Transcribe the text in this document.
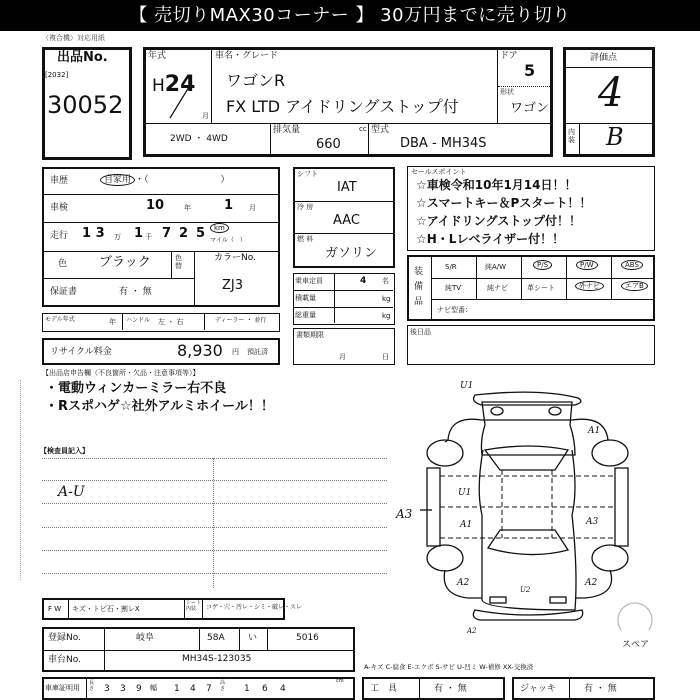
【 売切りMAX30コーナー 】 30万円までに売り切り
（複合機）対応用紙
出品No.
[2032]
30052
年式
H24
月
車名・グレード
ワゴンR
FX LTD アイドリングストップ付
ドア
5
形状
ワゴン
2WD ・ 4WD
排気量	cc
660
型式
DBA - MH34S
評価点
4
内装 B
車歴	自家用 ・（　　　　　　　　）
車検	10	年	1 月
走行 1 3 万 1 千 7 2 5	km
マイル（　）
色 ブラック	色替
カラーNo.
ZJ3
保証書	有 ・ 無
モデル年式	年 ハンドル 左 ・ 右	ディーラー ・ 並行
リサイクル料金	8,930 円 預託済
シフト
IAT
冷 房
AAC
燃 料
ガソリン
乗車定員	4 名
積載量	kg
総重量	kg
書類期限
月	日
セールスポイント
☆車検令和10年1月14日！！
☆スマートキー＆Pスタート！！
☆アイドリングストップ付！！
☆H・Lレベライザー付！！
装備品
S/R	純A/W	P/S	P/W	ABS
純TV	純ナビ	革シート	外ナビ	エアB
ナビ型番：
後日品
【出品店申告欄（不良箇所・欠品・注意事項等）】
・電動ウィンカーミラー右不良
・Rスポハゲ☆社外アルミホイール！！
【検査員記入】
A-U
U1
A1
U1
A1
A3
A3
A2	A2
U2
A2
スペア
F W キズ・トビ石・割レX
シート内装	コゲ・穴・汚レ・シミ・破レ・スレ
登録No.	岐阜	58A	い	5016
車台No.	MH34S-123035
A-キズ C-腐食 E-エクボ S-サビ U-凹ミ W-補修 XX-交換済
車庫証明用
長さ 3 3 9 幅 1 4 7
高さ 1 6 4
cm
工　具	有 ・ 無	ジャッキ	有 ・ 無
